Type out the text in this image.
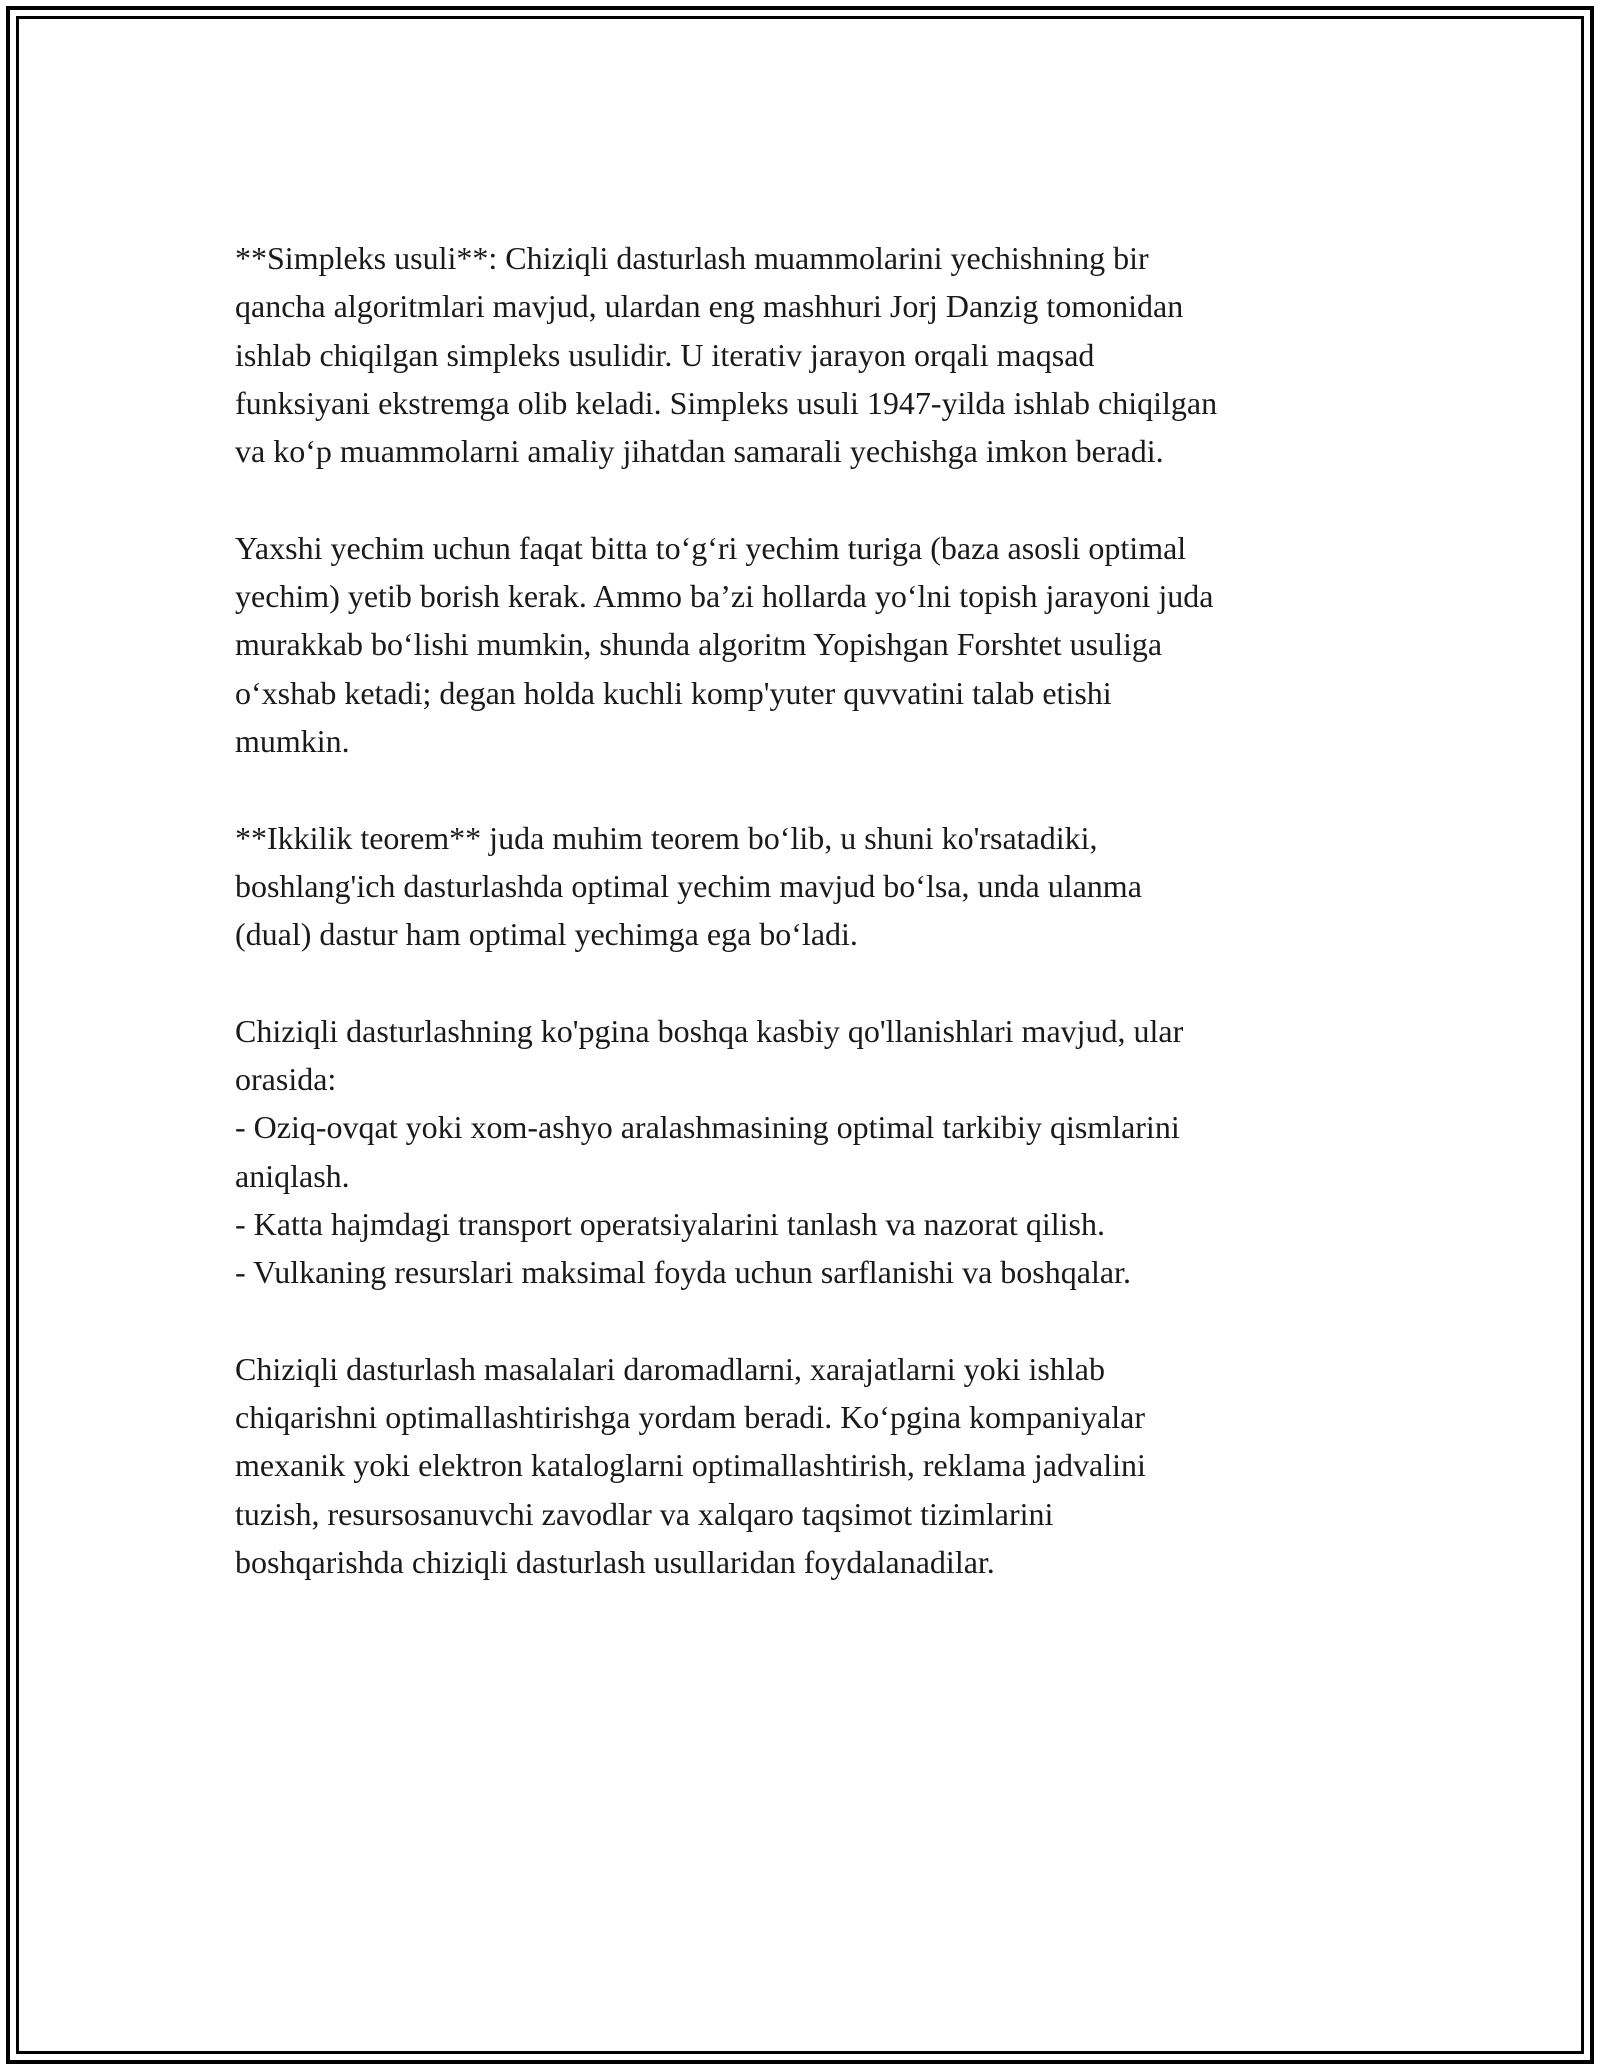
**Simpleks usuli**: Chiziqli dasturlash muammolarini yechishning bir
qancha algoritmlari mavjud, ulardan eng mashhuri Jorj Danzig tomonidan
ishlab chiqilgan simpleks usulidir. U iterativ jarayon orqali maqsad
funksiyani ekstremga olib keladi. Simpleks usuli 1947-yilda ishlab chiqilgan
va ko‘p muammolarni amaliy jihatdan samarali yechishga imkon beradi.

Yaxshi yechim uchun faqat bitta to‘g‘ri yechim turiga (baza asosli optimal
yechim) yetib borish kerak. Ammo ba’zi hollarda yo‘lni topish jarayoni juda
murakkab bo‘lishi mumkin, shunda algoritm Yopishgan Forshtet usuliga
o‘xshab ketadi; degan holda kuchli komp'yuter quvvatini talab etishi
mumkin.

**Ikkilik teorem** juda muhim teorem bo‘lib, u shuni ko'rsatadiki,
boshlang'ich dasturlashda optimal yechim mavjud bo‘lsa, unda ulanma
(dual) dastur ham optimal yechimga ega bo‘ladi.

Chiziqli dasturlashning ko'pgina boshqa kasbiy qo'llanishlari mavjud, ular
orasida:
- Oziq-ovqat yoki xom-ashyo aralashmasining optimal tarkibiy qismlarini
aniqlash.
- Katta hajmdagi transport operatsiyalarini tanlash va nazorat qilish.
- Vulkaning resurslari maksimal foyda uchun sarflanishi va boshqalar.

Chiziqli dasturlash masalalari daromadlarni, xarajatlarni yoki ishlab
chiqarishni optimallashtirishga yordam beradi. Ko‘pgina kompaniyalar
mexanik yoki elektron kataloglarni optimallashtirish, reklama jadvalini
tuzish, resursosanuvchi zavodlar va xalqaro taqsimot tizimlarini
boshqarishda chiziqli dasturlash usullaridan foydalanadilar.
